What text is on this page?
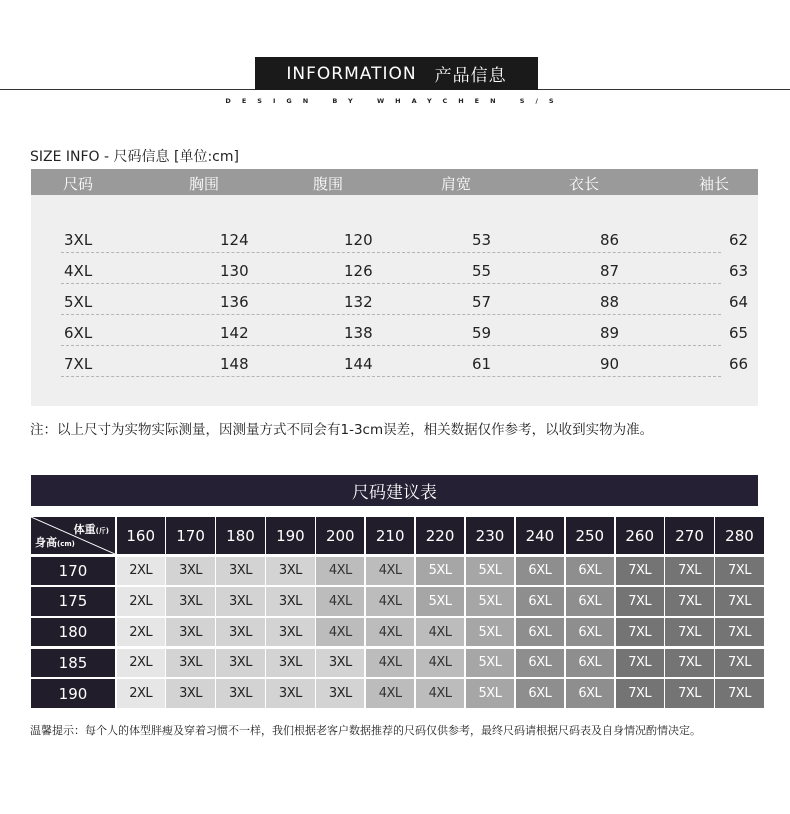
INFORMATION 产品信息
DESIGN BY WHAYCHEN S/S
SIZE INFO - 尺码信息 [单位:cm]
尺码	胸围	腹围	肩宽	衣长	袖长
3XL	124	120	53	86	62
4XL	130	126	55	87	63
5XL	136	132	57	88	64
6XL	142	138	59	89	65
7XL	148	144	61	90	66
注：以上尺寸为实物实际测量，因测量方式不同会有1-3cm误差，相关数据仅作参考，以收到实物为准。
尺码建议表
体重(斤)
身高(cm)	160	170	180	190	200	210	220	230	240	250	260	270	280
170	2XL	3XL	3XL	3XL	4XL	4XL	5XL	5XL	6XL	6XL	7XL	7XL	7XL
175	2XL	3XL	3XL	3XL	4XL	4XL	5XL	5XL	6XL	6XL	7XL	7XL	7XL
180	2XL	3XL	3XL	3XL	4XL	4XL	4XL	5XL	6XL	6XL	7XL	7XL	7XL
185	2XL	3XL	3XL	3XL	3XL	4XL	4XL	5XL	6XL	6XL	7XL	7XL	7XL
190	2XL	3XL	3XL	3XL	3XL	4XL	4XL	5XL	6XL	6XL	7XL	7XL	7XL
温馨提示：每个人的体型胖瘦及穿着习惯不一样，我们根据老客户数据推荐的尺码仅供参考，最终尺码请根据尺码表及自身情况酌情决定。
